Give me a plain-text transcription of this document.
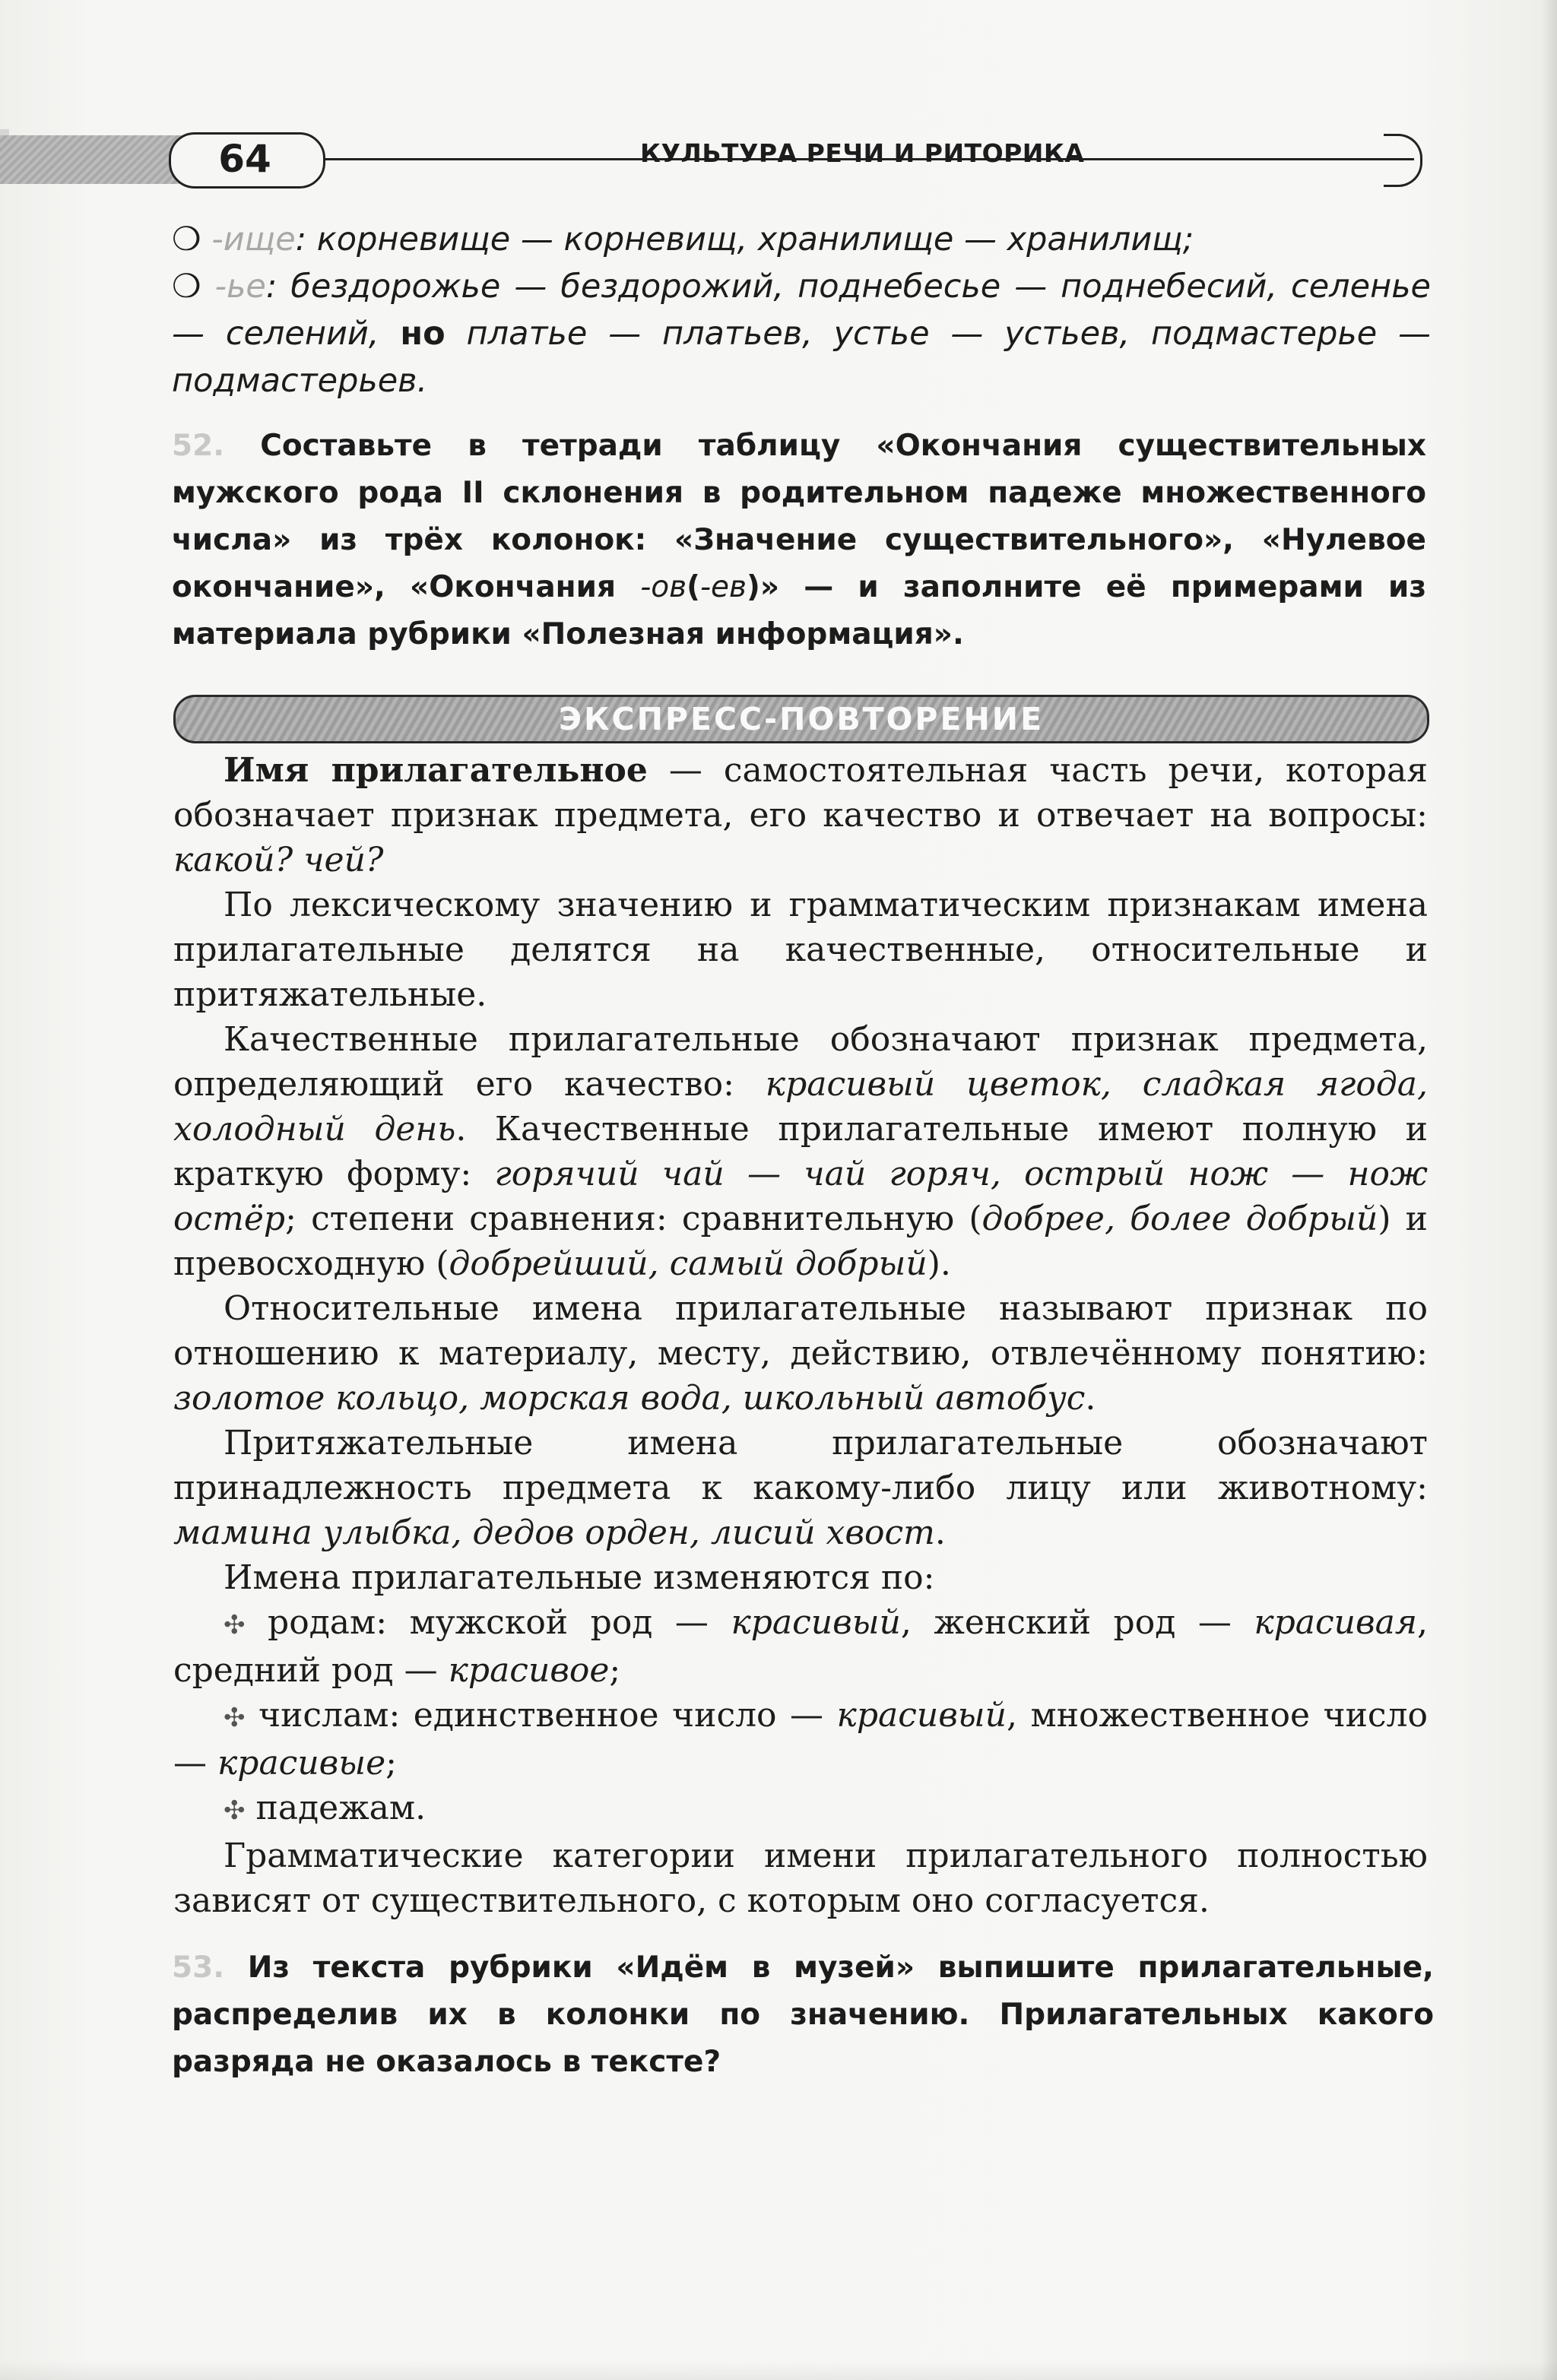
64	КУЛЬТУРА РЕЧИ И РИТОРИКА

❍ -ище: корневище — корневищ, хранилище — хранилищ;

❍ -ье: бездорожье — бездорожий, поднебесье — поднебесий, селенье — селений, но платье — платьев, устье — устьев, подмастерье — подмастерьев.

52. Составьте в тетради таблицу «Окончания существительных мужского рода II склонения в родительном падеже множественного числа» из трёх колонок: «Значение существительного», «Нулевое окончание», «Окончания -ов(-ев)» — и заполните её примерами из материала рубрики «Полезная информация».
ЭКСПРЕСС-ПОВТОРЕНИЕ

Имя прилагательное — самостоятельная часть речи, которая обозначает признак предмета, его качество и отвечает на вопросы: какой? чей?

По лексическому значению и грамматическим признакам имена прилагательные делятся на качественные, относительные и притяжательные.

Качественные прилагательные обозначают признак предмета, определяющий его качество: красивый цветок, сладкая ягода, холодный день. Качественные прилагательные имеют полную и краткую форму: горячий чай — чай горяч, острый нож — нож остёр; степени сравнения: сравнительную (добрее, более добрый) и превосходную (добрейший, самый добрый).

Относительные имена прилагательные называют признак по отношению к материалу, месту, действию, отвлечённому понятию: золотое кольцо, морская вода, школьный автобус.

Притяжательные имена прилагательные обозначают принадлежность предмета к какому-либо лицу или животному: мамина улыбка, дедов орден, лисий хвост.

Имена прилагательные изменяются по:

✣ родам: мужской род — красивый, женский род — красивая, средний род — красивое;

✣ числам: единственное число — красивый, множественное число — красивые;

✣ падежам.

Грамматические категории имени прилагательного полностью зависят от существительного, с которым оно согласуется.

53. Из текста рубрики «Идём в музей» выпишите прилагательные, распределив их в колонки по значению. Прилагательных какого разряда не оказалось в тексте?
